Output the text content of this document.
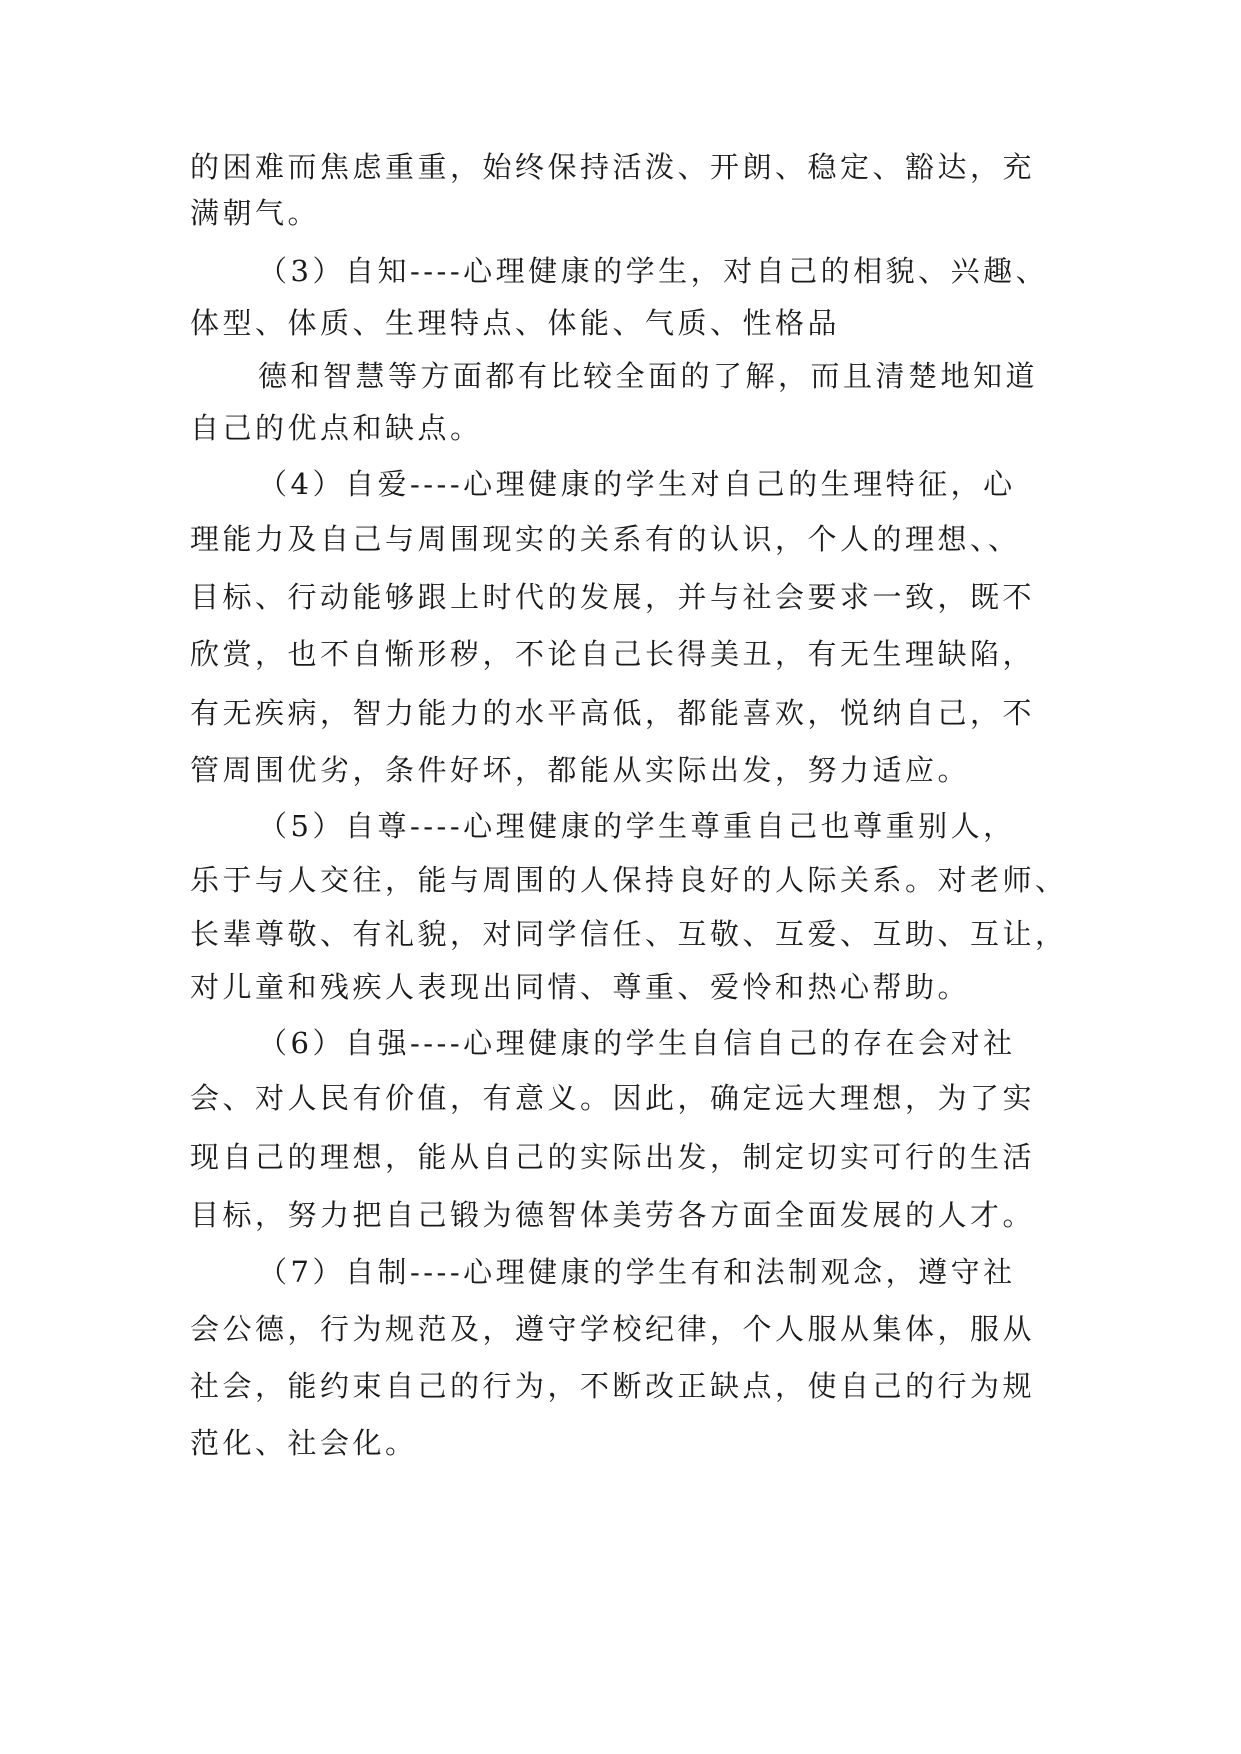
的困难而焦虑重重，始终保持活泼、开朗、稳定、豁达，充
满朝气。
（3）自知----心理健康的学生，对自己的相貌、兴趣、
体型、体质、生理特点、体能、气质、性格品
德和智慧等方面都有比较全面的了解，而且清楚地知道
自己的优点和缺点。
（4）自爱----心理健康的学生对自己的生理特征，心
理能力及自己与周围现实的关系有的认识，个人的理想、、
目标、行动能够跟上时代的发展，并与社会要求一致，既不
欣赏，也不自惭形秽，不论自己长得美丑，有无生理缺陷，
有无疾病，智力能力的水平高低，都能喜欢，悦纳自己，不
管周围优劣，条件好坏，都能从实际出发，努力适应。
（5）自尊----心理健康的学生尊重自己也尊重别人，
乐于与人交往，能与周围的人保持良好的人际关系。对老师、
长辈尊敬、有礼貌，对同学信任、互敬、互爱、互助、互让，
对儿童和残疾人表现出同情、尊重、爱怜和热心帮助。
（6）自强----心理健康的学生自信自己的存在会对社
会、对人民有价值，有意义。因此，确定远大理想，为了实
现自己的理想，能从自己的实际出发，制定切实可行的生活
目标，努力把自己锻为德智体美劳各方面全面发展的人才。
（7）自制----心理健康的学生有和法制观念，遵守社
会公德，行为规范及，遵守学校纪律，个人服从集体，服从
社会，能约束自己的行为，不断改正缺点，使自己的行为规
范化、社会化。
